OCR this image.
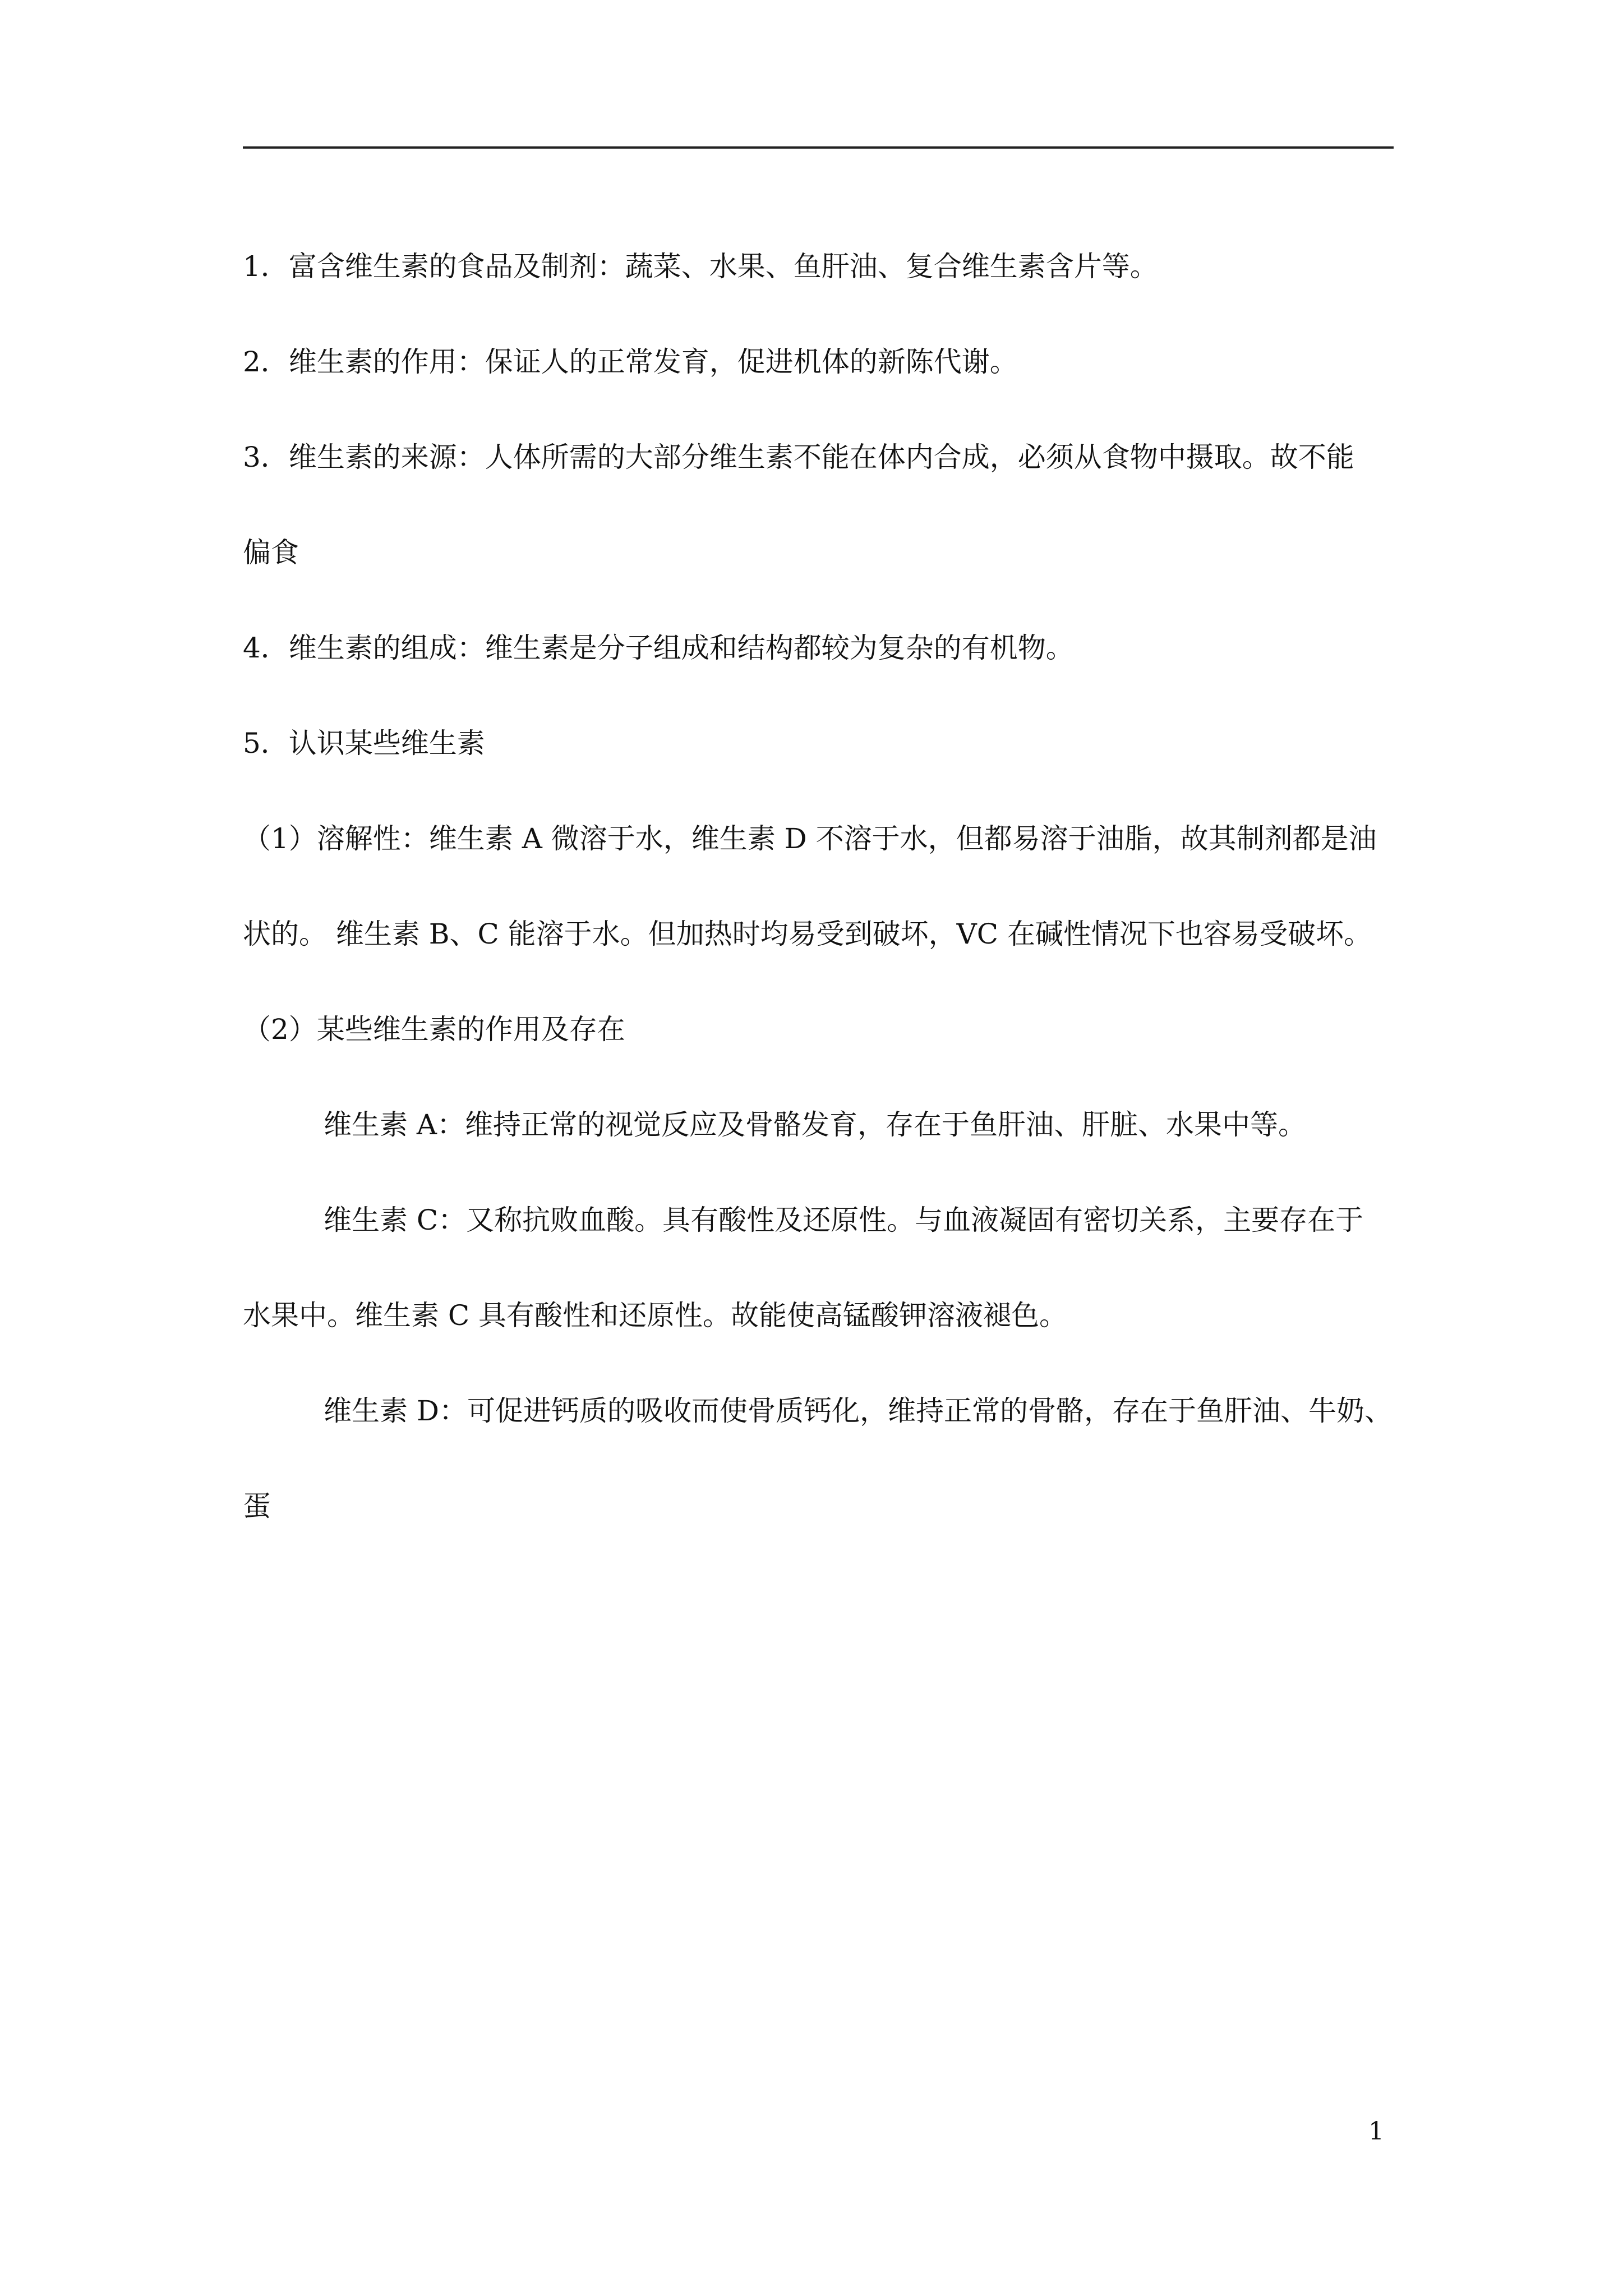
1．富含维生素的食品及制剂：蔬菜、水果、鱼肝油、复合维生素含片等。
2．维生素的作用：保证人的正常发育，促进机体的新陈代谢。
3．维生素的来源：人体所需的大部分维生素不能在体内合成，必须从食物中摄取。故不能
偏食
4．维生素的组成：维生素是分子组成和结构都较为复杂的有机物。
5．认识某些维生素
（1）溶解性：维生素 A 微溶于水，维生素 D 不溶于水，但都易溶于油脂，故其制剂都是油
状的。 维生素 B、C 能溶于水。但加热时均易受到破坏，VC 在碱性情况下也容易受破坏。
（2）某些维生素的作用及存在
维生素 A：维持正常的视觉反应及骨骼发育，存在于鱼肝油、肝脏、水果中等。
维生素 C：又称抗败血酸。具有酸性及还原性。与血液凝固有密切关系，主要存在于
水果中。维生素 C 具有酸性和还原性。故能使高锰酸钾溶液褪色。
维生素 D：可促进钙质的吸收而使骨质钙化，维持正常的骨骼，存在于鱼肝油、牛奶、
蛋
1
